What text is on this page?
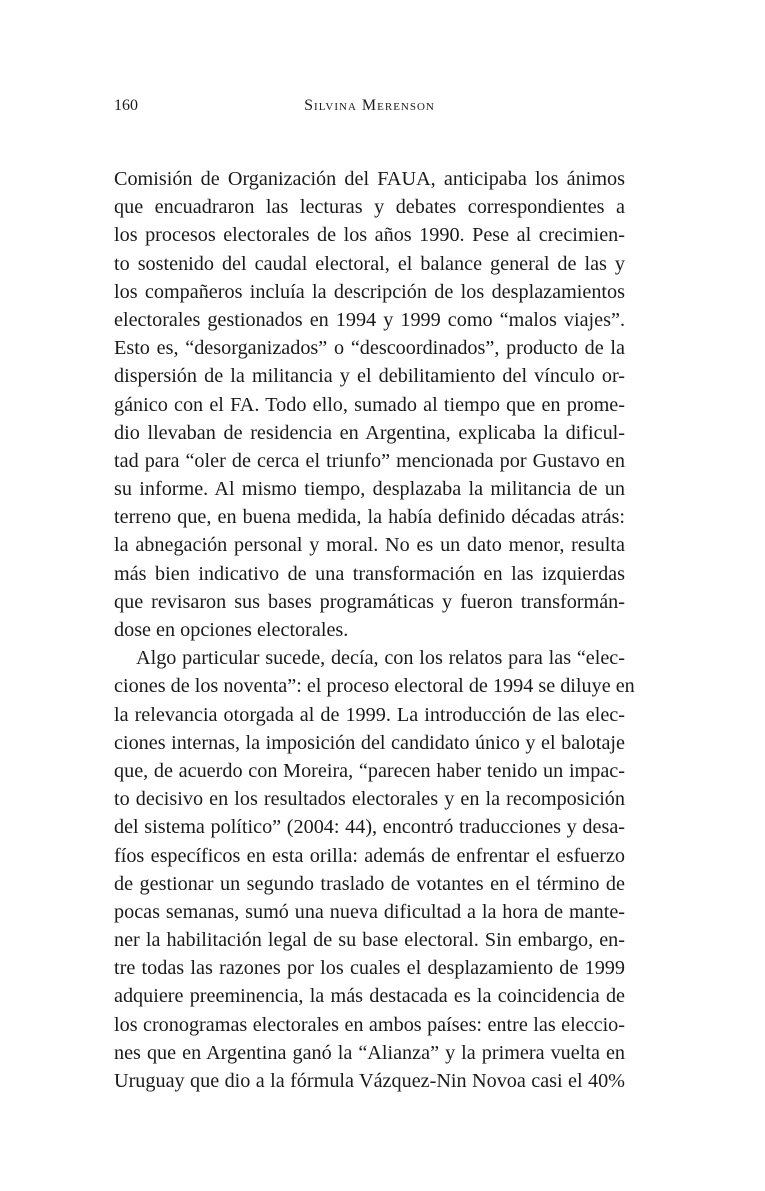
160	Silvina Merenson
Comisión de Organización del FAUA, anticipaba los ánimos
que encuadraron las lecturas y debates correspondientes a
los procesos electorales de los años 1990. Pese al crecimien-
to sostenido del caudal electoral, el balance general de las y
los compañeros incluía la descripción de los desplazamientos
electorales gestionados en 1994 y 1999 como “malos viajes”.
Esto es, “desorganizados” o “descoordinados”, producto de la
dispersión de la militancia y el debilitamiento del vínculo or-
gánico con el FA. Todo ello, sumado al tiempo que en prome-
dio llevaban de residencia en Argentina, explicaba la dificul-
tad para “oler de cerca el triunfo” mencionada por Gustavo en
su informe. Al mismo tiempo, desplazaba la militancia de un
terreno que, en buena medida, la había definido décadas atrás:
la abnegación personal y moral. No es un dato menor, resulta
más bien indicativo de una transformación en las izquierdas
que revisaron sus bases programáticas y fueron transformán-
dose en opciones electorales.
Algo particular sucede, decía, con los relatos para las “elec-
ciones de los noventa”: el proceso electoral de 1994 se diluye en
la relevancia otorgada al de 1999. La introducción de las elec-
ciones internas, la imposición del candidato único y el balotaje
que, de acuerdo con Moreira, “parecen haber tenido un impac-
to decisivo en los resultados electorales y en la recomposición
del sistema político” (2004: 44), encontró traducciones y desa-
fíos específicos en esta orilla: además de enfrentar el esfuerzo
de gestionar un segundo traslado de votantes en el término de
pocas semanas, sumó una nueva dificultad a la hora de mante-
ner la habilitación legal de su base electoral. Sin embargo, en-
tre todas las razones por los cuales el desplazamiento de 1999
adquiere preeminencia, la más destacada es la coincidencia de
los cronogramas electorales en ambos países: entre las eleccio-
nes que en Argentina ganó la “Alianza” y la primera vuelta en
Uruguay que dio a la fórmula Vázquez-Nin Novoa casi el 40%
